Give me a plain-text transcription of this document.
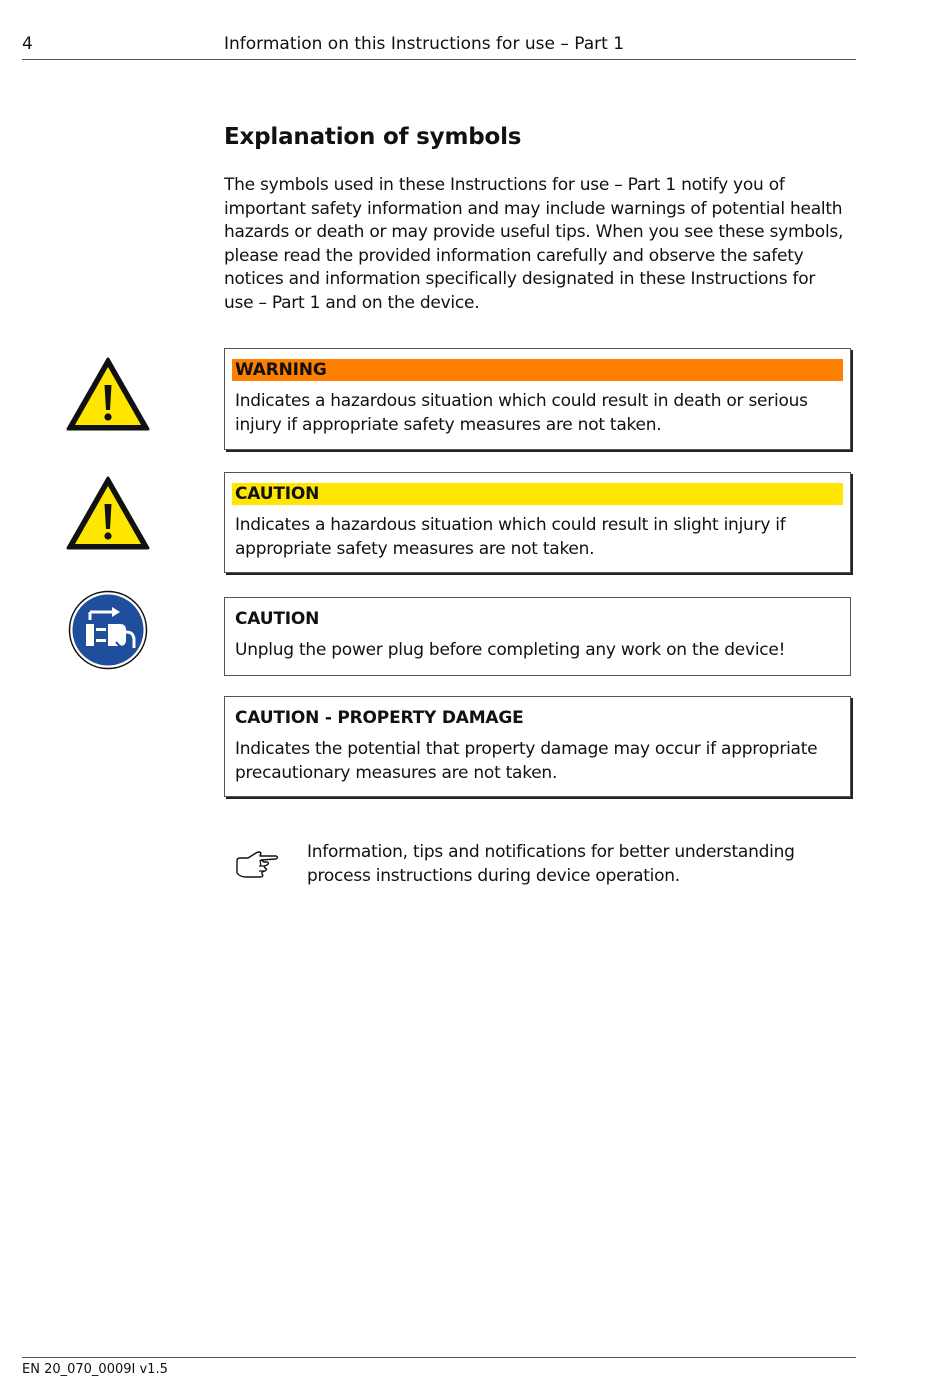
4	Information on this Instructions for use – Part 1
Explanation of symbols

The symbols used in these Instructions for use – Part 1 notify you of important safety information and may include warnings of potential health hazards or death or may provide useful tips. When you see these symbols, please read the provided information carefully and observe the safety notices and information specifically designated in these Instructions for use – Part 1 and on the device.

WARNING
Indicates a hazardous situation which could result in death or serious injury if appropriate safety measures are not taken.
CAUTION
Indicates a hazardous situation which could result in slight injury if appropriate safety measures are not taken.
CAUTION
Unplug the power plug before completing any work on the device!
CAUTION - PROPERTY DAMAGE
Indicates the potential that property damage may occur if appropriate precautionary measures are not taken.

Information, tips and notifications for better understanding process instructions during device operation.

EN 20_070_0009I v1.5
